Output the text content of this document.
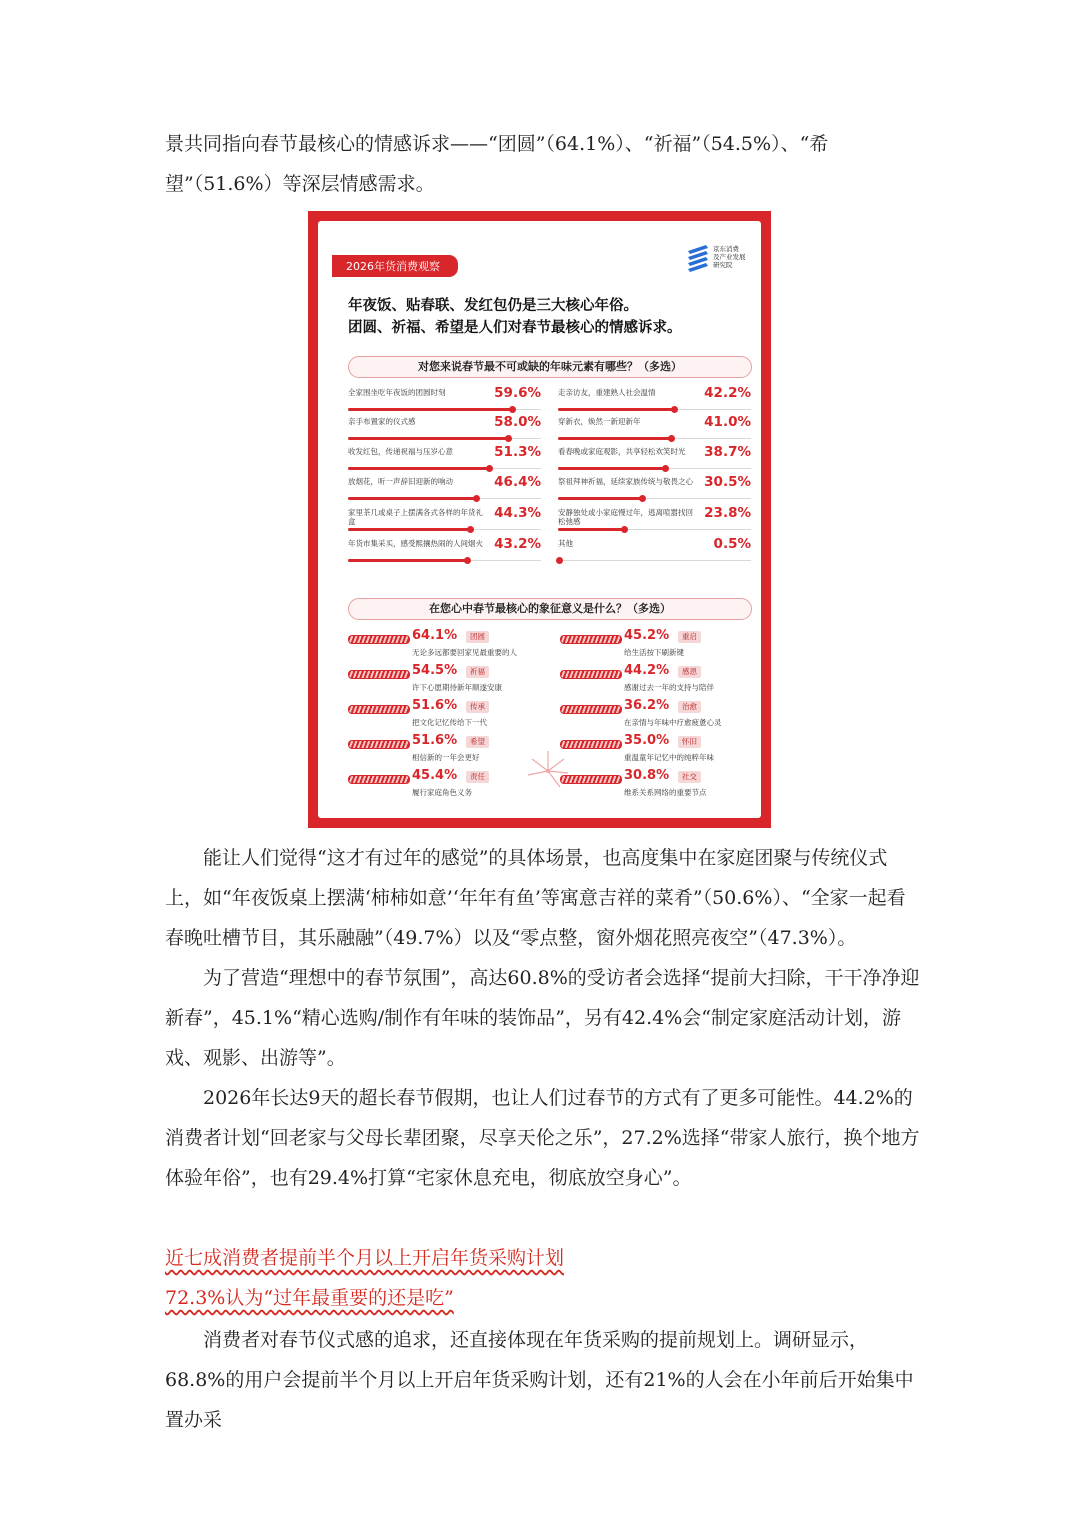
景共同指向春节最核心的情感诉求——“团圆”（64.1%）、“祈福”（54.5%）、“希望”（51.6%）等深层情感需求。

2026年货消费观察
京东消费
及产业发展
研究院
年夜饭、贴春联、发红包仍是三大核心年俗。
团圆、祈福、希望是人们对春节最核心的情感诉求。
对您来说春节最不可或缺的年味元素有哪些？（多选）
全家围坐吃年夜饭的团圆时刻	59.6%
亲手布置家的仪式感	58.0%
收发红包，传递祝福与压岁心意	51.3%
放烟花，听一声辞旧迎新的响动	46.4%
家里茶几或桌子上摆满各式各样的年货礼盒
44.3%
年货市集采买，感受熙攘热闹的人间烟火 43.2%
走亲访友，重建熟人社会温情	42.2%
穿新衣，焕然一新迎新年	41.0%
看春晚或家庭观影，共享轻松欢笑时光	38.7%
祭祖拜神祈福，延续家族传统与敬畏之心 30.5%
安静独处或小家庭慢过年，逃离喧嚣找回松弛感
23.8%
其他	0.5%
在您心中春节最核心的象征意义是什么？（多选）
64.1%	团圆
无论多远都要回家见最重要的人
54.5%	祈福
许下心愿期待新年顺遂安康
51.6%	传承
把文化记忆传给下一代
51.6%	希望
相信新的一年会更好
45.4%	责任
履行家庭角色义务
45.2%	重启
给生活按下刷新键
44.2%	感恩
感谢过去一年的支持与陪伴
36.2%	治愈
在亲情与年味中疗愈疲惫心灵
35.0%	怀旧
重温童年记忆中的纯粹年味
30.8%	社交
维系关系网络的重要节点

能让人们觉得“这才有过年的感觉”的具体场景，也高度集中在家庭团聚与传统仪式上，如“年夜饭桌上摆满‘柿柿如意’‘年年有鱼’等寓意吉祥的菜肴”（50.6%）、“全家一起看春晚吐槽节目，其乐融融”（49.7%）以及“零点整，窗外烟花照亮夜空”（47.3%）。

为了营造“理想中的春节氛围”，高达60.8%的受访者会选择“提前大扫除，干干净净迎新春”，45.1%“精心选购/制作有年味的装饰品”，另有42.4%会“制定家庭活动计划，游戏、观影、出游等”。

2026年长达9天的超长春节假期，也让人们过春节的方式有了更多可能性。44.2%的消费者计划“回老家与父母长辈团聚，尽享天伦之乐”，27.2%选择“带家人旅行，换个地方体验年俗”，也有29.4%打算“宅家休息充电，彻底放空身心”。

近七成消费者提前半个月以上开启年货采购计划

72.3%认为“过年最重要的还是吃”

消费者对春节仪式感的追求，还直接体现在年货采购的提前规划上。调研显示，68.8%的用户会提前半个月以上开启年货采购计划，还有21%的人会在小年前后开始集中置办采
